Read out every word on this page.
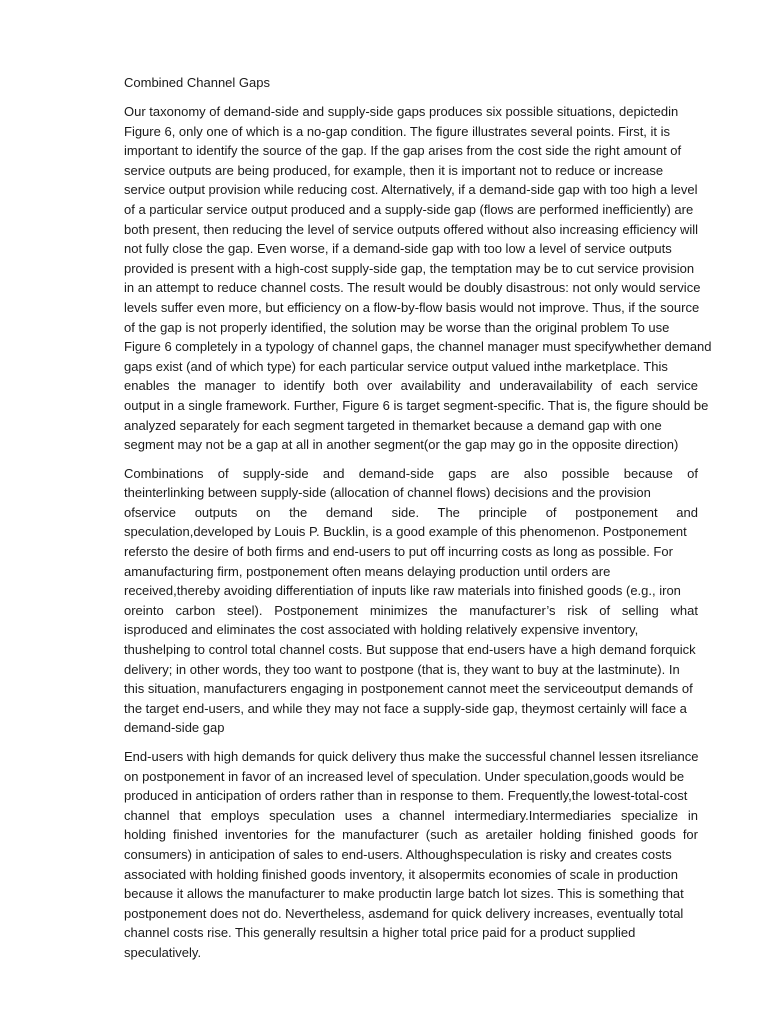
Combined Channel Gaps
Our taxonomy of demand-side and supply-side gaps produces six possible situations, depictedin
Figure 6, only one of which is a no-gap condition. The figure illustrates several points. First, it is
important to identify the source of the gap. If the gap arises from the cost side the right amount of
service outputs are being produced, for example, then it is important not to reduce or increase
service output provision while reducing cost. Alternatively, if a demand-side gap with too high a level
of a particular service output produced and a supply-side gap (flows are performed inefficiently) are
both present, then reducing the level of service outputs offered without also increasing efficiency will
not fully close the gap. Even worse, if a demand-side gap with too low a level of service outputs
provided is present with a high-cost supply-side gap, the temptation may be to cut service provision
in an attempt to reduce channel costs. The result would be doubly disastrous: not only would service
levels suffer even more, but efficiency on a flow-by-flow basis would not improve. Thus, if the source
of the gap is not properly identified, the solution may be worse than the original problem To use
Figure 6 completely in a typology of channel gaps, the channel manager must specifywhether demand
gaps exist (and of which type) for each particular service output valued inthe marketplace. This
enables the manager to identify both over availability and underavailability of each service
output in a single framework. Further, Figure 6 is target segment-specific. That is, the figure should be
analyzed separately for each segment targeted in themarket because a demand gap with one
segment may not be a gap at all in another segment(or the gap may go in the opposite direction)
Combinations of supply-side and demand-side gaps are also possible because of
theinterlinking between supply-side (allocation of channel flows) decisions and the provision
ofservice outputs on the demand side. The principle of postponement and
speculation,developed by Louis P. Bucklin, is a good example of this phenomenon. Postponement
refersto the desire of both firms and end-users to put off incurring costs as long as possible. For
amanufacturing firm, postponement often means delaying production until orders are
received,thereby avoiding differentiation of inputs like raw materials into finished goods (e.g., iron
oreinto carbon steel). Postponement minimizes the manufacturer’s risk of selling what
isproduced and eliminates the cost associated with holding relatively expensive inventory,
thushelping to control total channel costs. But suppose that end-users have a high demand forquick
delivery; in other words, they too want to postpone (that is, they want to buy at the lastminute). In
this situation, manufacturers engaging in postponement cannot meet the serviceoutput demands of
the target end-users, and while they may not face a supply-side gap, theymost certainly will face a
demand-side gap
End-users with high demands for quick delivery thus make the successful channel lessen itsreliance
on postponement in favor of an increased level of speculation. Under speculation,goods would be
produced in anticipation of orders rather than in response to them. Frequently,the lowest-total-cost
channel that employs speculation uses a channel intermediary.Intermediaries specialize in
holding finished inventories for the manufacturer (such as aretailer holding finished goods for
consumers) in anticipation of sales to end-users. Althoughspeculation is risky and creates costs
associated with holding finished goods inventory, it alsopermits economies of scale in production
because it allows the manufacturer to make productin large batch lot sizes. This is something that
postponement does not do. Nevertheless, asdemand for quick delivery increases, eventually total
channel costs rise. This generally resultsin a higher total price paid for a product supplied
speculatively.
